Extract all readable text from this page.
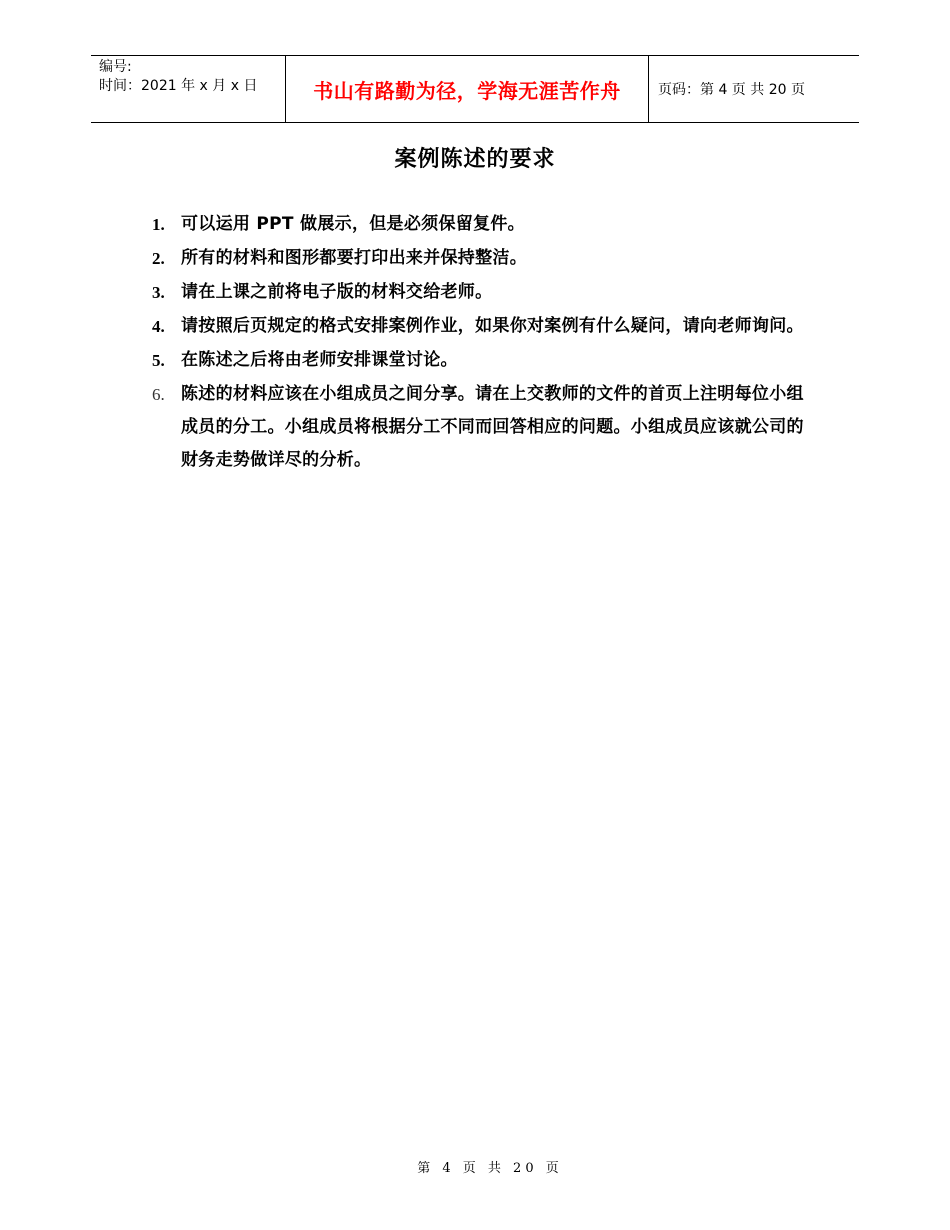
编号:
时间：2021 年 x 月 x 日	书山有路勤为径，学海无涯苦作舟	页码：第 4 页 共 20 页
案例陈述的要求
1. 可以运用 PPT 做展示，但是必须保留复件。
2. 所有的材料和图形都要打印出来并保持整洁。
3. 请在上课之前将电子版的材料交给老师。
4. 请按照后页规定的格式安排案例作业，如果你对案例有什么疑问，请向老师询问。
5. 在陈述之后将由老师安排课堂讨论。
6. 陈述的材料应该在小组成员之间分享。请在上交教师的文件的首页上注明每位小组成员的分工。小组成员将根据分工不同而回答相应的问题。小组成员应该就公司的财务走势做详尽的分析。
第 4 页 共 20 页
